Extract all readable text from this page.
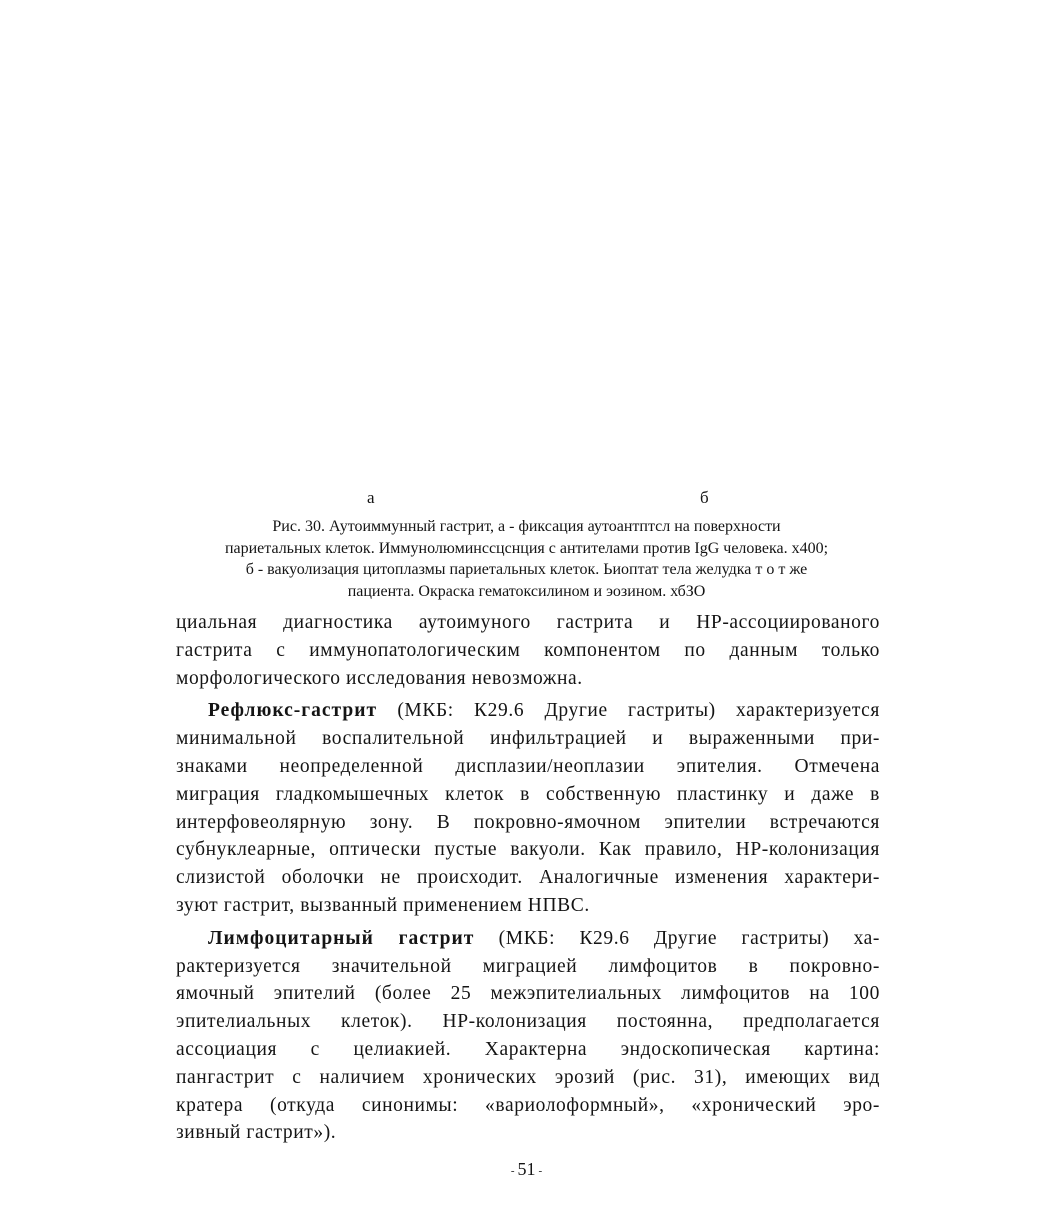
а	б
Рис. 30. Аутоиммунный гастрит, а - фиксация аутоантптсл на поверхности
париетальных клеток. Иммунолюминссцснция с антителами против IgG человека. х400;
б - вакуолизация цитоплазмы париетальных клеток. Ьиоптат тела желудка т о т же
пациента. Окраска гематоксилином и эозином. хбЗО
циальная диагностика аутоимуного гастрита и НР-ассоциированого
гастрита с иммунопатологическим компонентом по данным только
морфологического исследования невозможна.
Рефлюкс-гастрит (МКБ: К29.6 Другие гастриты) характеризуется
минимальной воспалительной инфильтрацией и выраженными при-
знаками неопределенной дисплазии/неоплазии эпителия. Отмечена
миграция гладкомышечных клеток в собственную пластинку и даже в
интерфовеолярную зону. В покровно-ямочном эпителии встречаются
субнуклеарные, оптически пустые вакуоли. Как правило, НР-колонизация
слизистой оболочки не происходит. Аналогичные изменения характери-
зуют гастрит, вызванный применением НПВС.
Лимфоцитарный гастрит (МКБ: К29.6 Другие гастриты) ха-
рактеризуется значительной миграцией лимфоцитов в покровно-
ямочный эпителий (более 25 межэпителиальных лимфоцитов на 100
эпителиальных клеток). НР-колонизация постоянна, предполагается
ассоциация с целиакией. Характерна эндоскопическая картина:
пангастрит с наличием хронических эрозий (рис. 31), имеющих вид
кратера (откуда синонимы: «вариолоформный», «хронический эро-
зивный гастрит»).
- 51 -
